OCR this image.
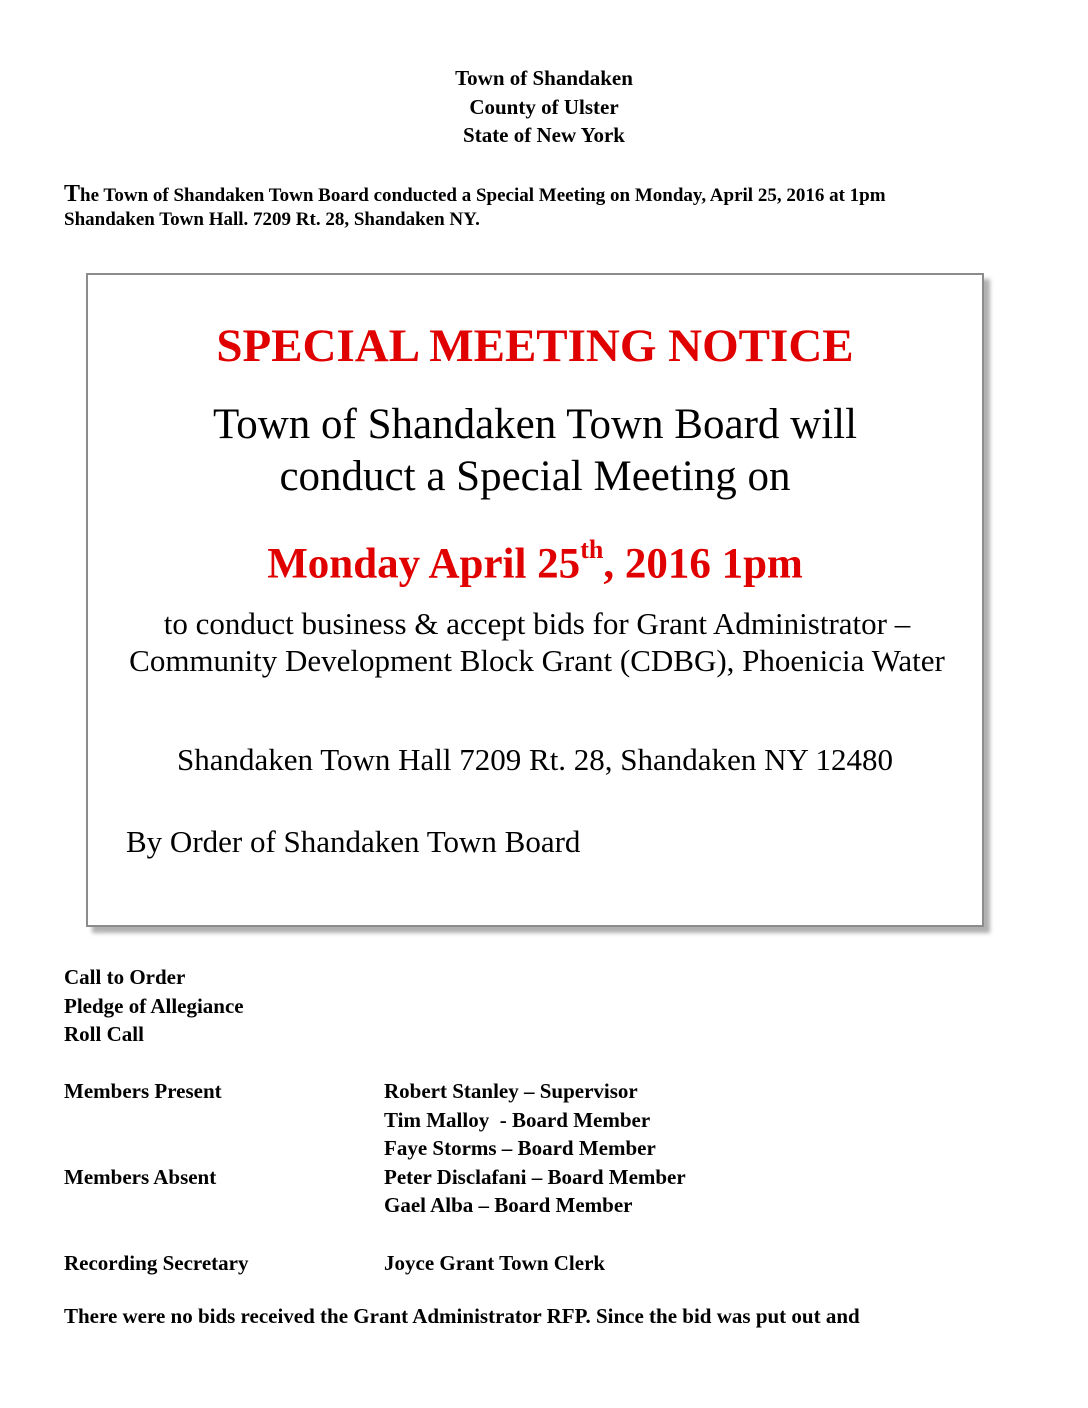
Town of Shandaken
County of Ulster
State of New York
The Town of Shandaken Town Board conducted a Special Meeting on Monday, April 25, 2016 at 1pm
Shandaken Town Hall. 7209 Rt. 28, Shandaken NY.
SPECIAL MEETING NOTICE
Town of Shandaken Town Board will
conduct a Special Meeting on
Monday April 25th, 2016 1pm
to conduct business & accept bids for Grant Administrator – Community Development Block Grant (CDBG), Phoenicia Water
Shandaken Town Hall 7209 Rt. 28, Shandaken NY 12480
By Order of Shandaken Town Board
Call to Order
Pledge of Allegiance
Roll Call
Members Present	Robert Stanley – Supervisor
Tim Malloy  - Board Member
Faye Storms – Board Member
Members Absent	Peter Disclafani – Board Member
Gael Alba – Board Member
Recording Secretary	Joyce Grant Town Clerk
There were no bids received the Grant Administrator RFP. Since the bid was put out and
